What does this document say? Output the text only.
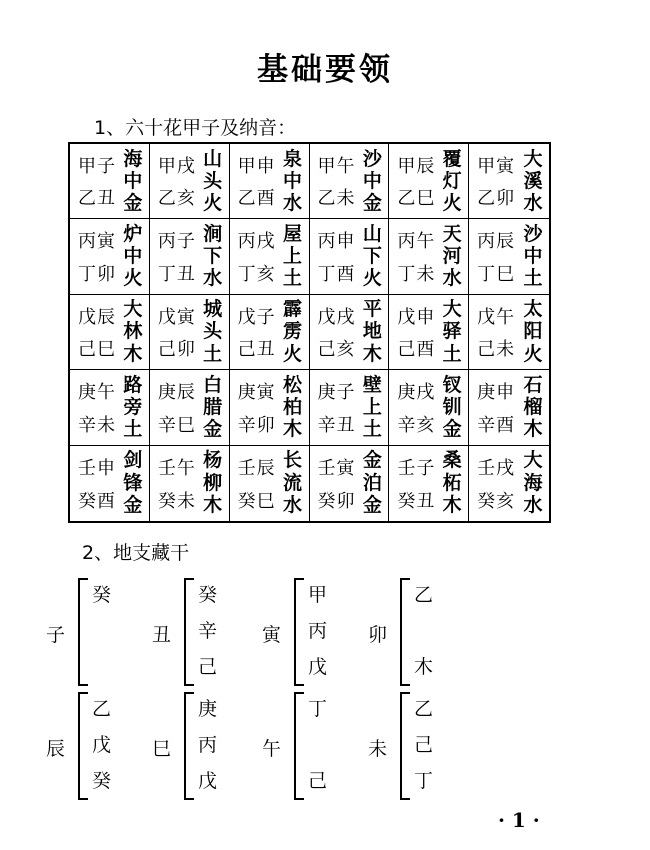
基础要领
1、六十花甲子及纳音：
甲子
乙丑
海
中
金
甲戌
乙亥
山
头
火
甲申
乙酉
泉
中
水
甲午
乙未
沙
中
金
甲辰
乙巳
覆
灯
火
甲寅
乙卯
大
溪
水
丙寅
丁卯
炉
中
火
丙子
丁丑
涧
下
水
丙戌
丁亥
屋
上
土
丙申
丁酉
山
下
火
丙午
丁未
天
河
水
丙辰
丁巳
沙
中
土
戊辰
己巳
大
林
木
戊寅
己卯
城
头
土
戊子
己丑
霹
雳
火
戊戌
己亥
平
地
木
戊申
己酉
大
驿
土
戊午
己未
太
阳
火
庚午
辛未
路
旁
土
庚辰
辛巳
白
腊
金
庚寅
辛卯
松
柏
木
庚子
辛丑
壁
上
土
庚戌
辛亥
钗
钏
金
庚申
辛酉
石
榴
木
壬申
癸酉
剑
锋
金
壬午
癸未
杨
柳
木
壬辰
癸巳
长
流
水
壬寅
癸卯
金
泊
金
壬子
癸丑
桑
柘
木
壬戌
癸亥
大
海
水
2、地支藏干
子
癸
丑
癸
辛
己
寅
甲
丙
戊
卯
乙
木
辰
乙
戊
癸
巳
庚
丙
戊
午
丁
己
未
乙
己
丁
· 1 ·
